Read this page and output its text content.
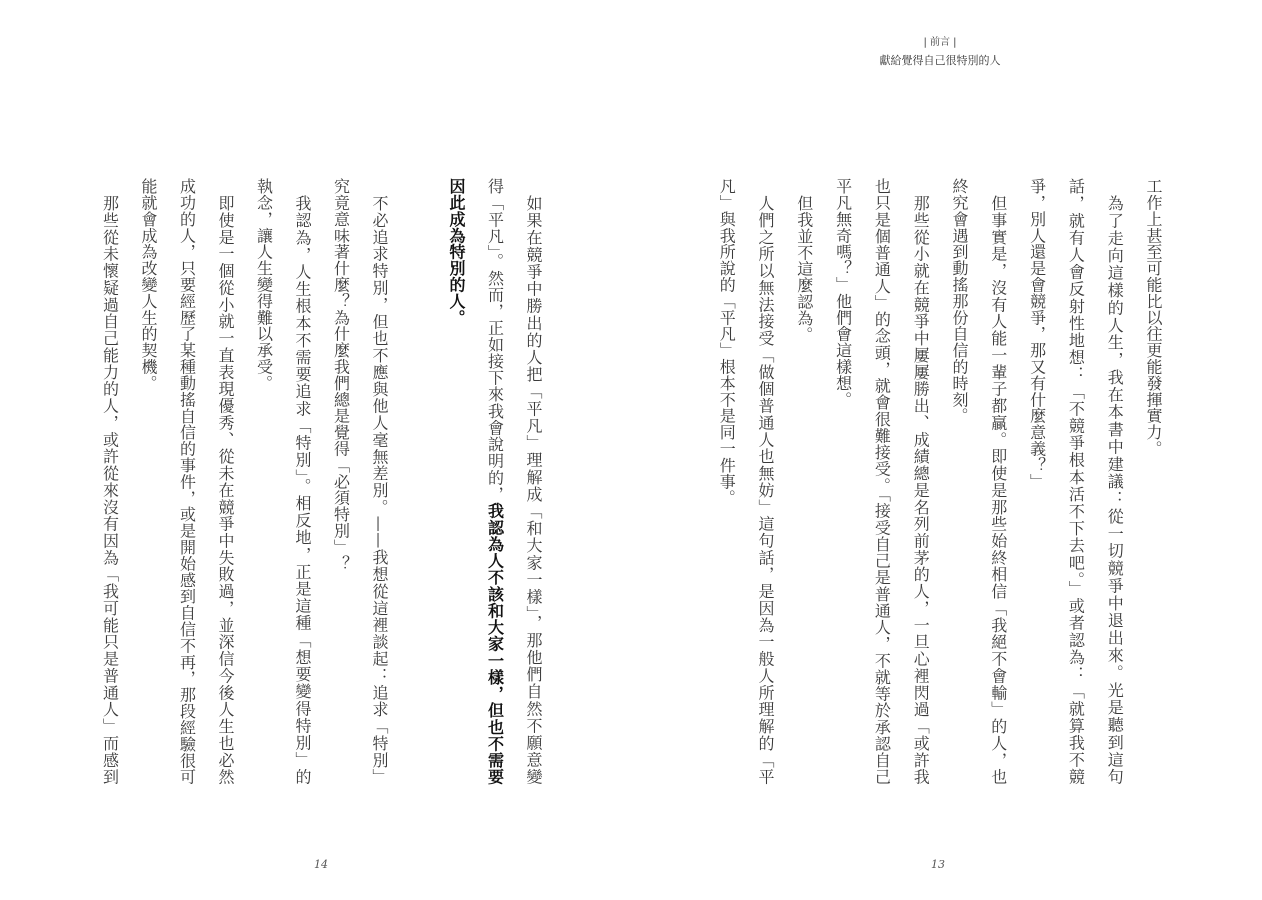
| 前言 |
獻給覺得自己很特別的人
如果在競爭中勝出的人把「平凡」理解成「和大家一樣」，那他們自然不願意變
得「平凡」。然而，正如接下來我會說明的，我認為人不該和大家一樣，但也不需要
因此成為特別的人。
不必追求特別，但也不應與他人毫無差別。——我想從這裡談起：追求「特別」
究竟意味著什麼？為什麼我們總是覺得「必須特別」？
我認為，人生根本不需要追求「特別」。相反地，正是這種「想要變得特別」的
執念，讓人生變得難以承受。
即使是一個從小就一直表現優秀、從未在競爭中失敗過，並深信今後人生也必然
成功的人，只要經歷了某種動搖自信的事件，或是開始感到自信不再，那段經驗很可
能就會成為改變人生的契機。
那些從未懷疑過自己能力的人，或許從來沒有因為「我可能只是普通人」而感到	工作上甚至可能比以往更能發揮實力。
為了走向這樣的人生，我在本書中建議：從一切競爭中退出來。光是聽到這句
話，就有人會反射性地想：「不競爭根本活不下去吧。」或者認為：「就算我不競
爭，別人還是會競爭，那又有什麼意義？」
但事實是，沒有人能一輩子都贏。即使是那些始終相信「我絕不會輸」的人，也
終究會遇到動搖那份自信的時刻。
那些從小就在競爭中屢屢勝出、成績總是名列前茅的人，一旦心裡閃過「或許我
也只是個普通人」的念頭，就會很難接受。「接受自己是普通人，不就等於承認自己
平凡無奇嗎？」他們會這樣想。
但我並不這麼認為。
人們之所以無法接受「做個普通人也無妨」這句話，是因為一般人所理解的「平
凡」與我所說的「平凡」根本不是同一件事。
14	13
